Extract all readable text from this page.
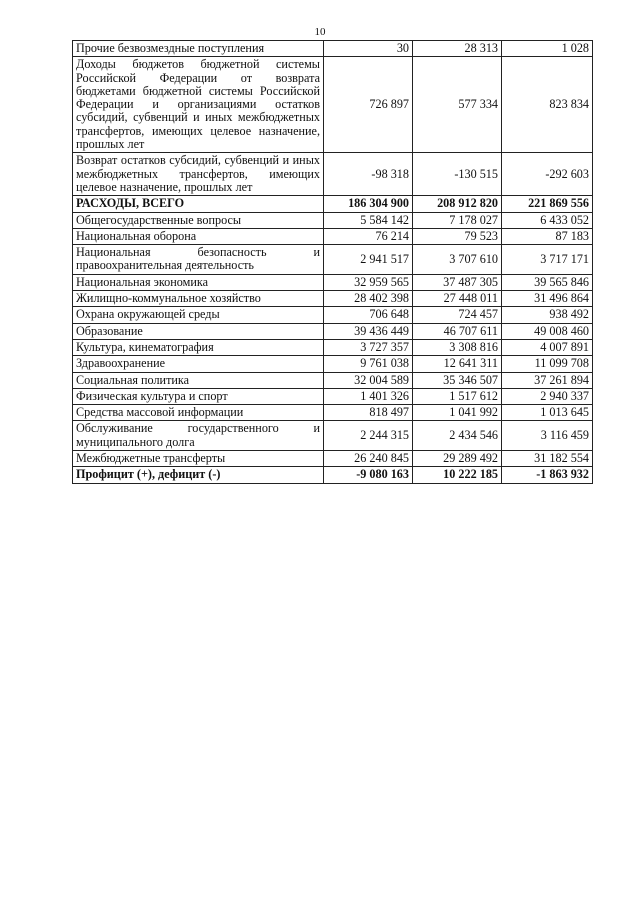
10
Прочие безвозмездные поступления	30	28 313	1 028
Доходы бюджетов бюджетной системы Российской Федерации от возврата бюджетами бюджетной системы Российской Федерации и организациями остатков субсидий, субвенций и иных межбюджетных трансфертов, имеющих целевое назначение, прошлых лет	726 897	577 334	823 834
Возврат остатков субсидий, субвенций и иных межбюджетных трансфертов, имеющих целевое назначение, прошлых лет	-98 318	-130 515	-292 603
РАСХОДЫ, ВСЕГО	186 304 900	208 912 820	221 869 556
Общегосударственные вопросы	5 584 142	7 178 027	6 433 052
Национальная оборона	76 214	79 523	87 183
Национальная безопасность и правоохранительная деятельность	2 941 517	3 707 610	3 717 171
Национальная экономика	32 959 565	37 487 305	39 565 846
Жилищно-коммунальное хозяйство	28 402 398	27 448 011	31 496 864
Охрана окружающей среды	706 648	724 457	938 492
Образование	39 436 449	46 707 611	49 008 460
Культура, кинематография	3 727 357	3 308 816	4 007 891
Здравоохранение	9 761 038	12 641 311	11 099 708
Социальная политика	32 004 589	35 346 507	37 261 894
Физическая культура и спорт	1 401 326	1 517 612	2 940 337
Средства массовой информации	818 497	1 041 992	1 013 645
Обслуживание государственного и муниципального долга	2 244 315	2 434 546	3 116 459
Межбюджетные трансферты	26 240 845	29 289 492	31 182 554
Профицит (+), дефицит (-)	-9 080 163	10 222 185	-1 863 932
